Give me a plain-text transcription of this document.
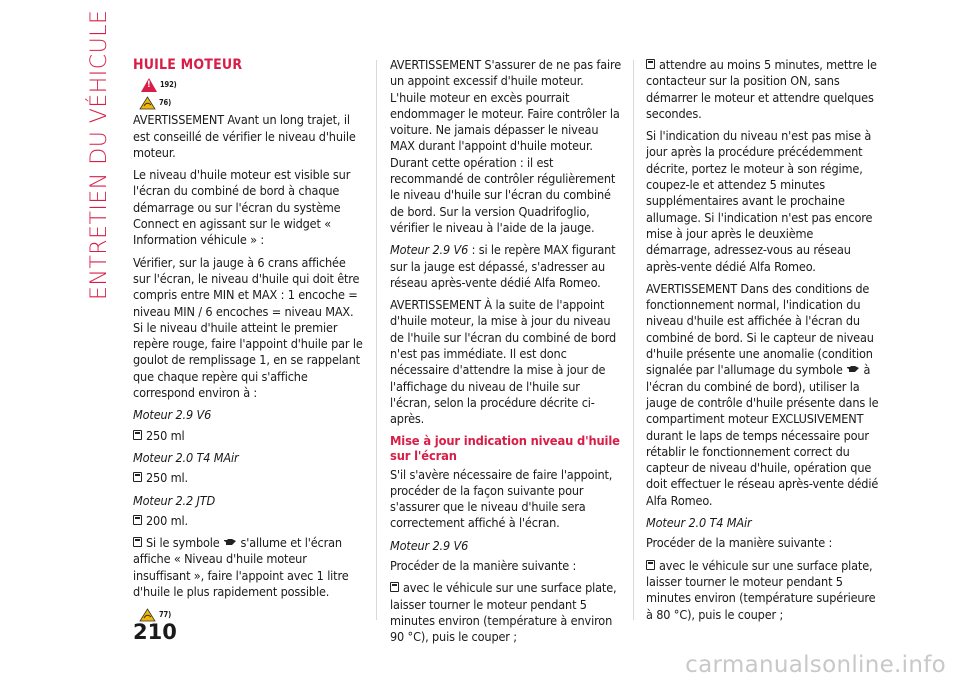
ENTRETIEN DU VÉHICULE HUILE MOTEUR
!
192)
76)

AVERTISSEMENT Avant un long trajet, il est conseillé de vérifier le niveau d'huile moteur.

Le niveau d'huile moteur est visible sur l'écran du combiné de bord à chaque démarrage ou sur l'écran du système Connect en agissant sur le widget « Information véhicule » :

Vérifier, sur la jauge à 6 crans affichée sur l'écran, le niveau d'huile qui doit être compris entre MIN et MAX : 1 encoche = niveau MIN / 6 encoches = niveau MAX. Si le niveau d'huile atteint le premier repère rouge, faire l'appoint d'huile par le goulot de remplissage 1, en se rappelant que chaque repère qui s'affiche correspond environ à :

Moteur 2.9 V6

250 ml

Moteur 2.0 T4 MAir

250 ml.

Moteur 2.2 JTD

200 ml.

Si le symbole  s'allume et l'écran affiche « Niveau d'huile moteur insuffisant », faire l'appoint avec 1 litre d'huile le plus rapidement possible.

77)

AVERTISSEMENT S'assurer de ne pas faire un appoint excessif d'huile moteur. L'huile moteur en excès pourrait endommager le moteur. Faire contrôler la voiture. Ne jamais dépasser le niveau MAX durant l'appoint d'huile moteur. Durant cette opération : il est recommandé de contrôler régulièrement le niveau d'huile sur l'écran du combiné de bord. Sur la version Quadrifoglio, vérifier le niveau à l'aide de la jauge.

Moteur 2.9 V6 : si le repère MAX figurant sur la jauge est dépassé, s'adresser au réseau après-vente dédié Alfa Romeo.

AVERTISSEMENT À la suite de l'appoint d'huile moteur, la mise à jour du niveau de l'huile sur l'écran du combiné de bord n'est pas immédiate. Il est donc nécessaire d'attendre la mise à jour de l'affichage du niveau de l'huile sur l'écran, selon la procédure décrite ci-après.

Mise à jour indication niveau d'huile sur l'écran

S'il s'avère nécessaire de faire l'appoint, procéder de la façon suivante pour s'assurer que le niveau d'huile sera correctement affiché à l'écran.

Moteur 2.9 V6

Procéder de la manière suivante :

avec le véhicule sur une surface plate, laisser tourner le moteur pendant 5 minutes environ (température à environ 90 °C), puis le couper ;

attendre au moins 5 minutes, mettre le contacteur sur la position ON, sans démarrer le moteur et attendre quelques secondes.

Si l'indication du niveau n'est pas mise à jour après la procédure précédemment décrite, portez le moteur à son régime, coupez-le et attendez 5 minutes supplémentaires avant le prochaine allumage. Si l'indication n'est pas encore mise à jour après le deuxième démarrage, adressez-vous au réseau après-vente dédié Alfa Romeo.

AVERTISSEMENT Dans des conditions de fonctionnement normal, l'indication du niveau d'huile est affichée à l'écran du combiné de bord. Si le capteur de niveau d'huile présente une anomalie (condition signalée par l'allumage du symbole  à l'écran du combiné de bord), utiliser la jauge de contrôle d'huile présente dans le compartiment moteur EXCLUSIVEMENT durant le laps de temps nécessaire pour rétablir le fonctionnement correct du capteur de niveau d'huile, opération que doit effectuer le réseau après-vente dédié Alfa Romeo.

Moteur 2.0 T4 MAir

Procéder de la manière suivante :

avec le véhicule sur une surface plate, laisser tourner le moteur pendant 5 minutes environ (température supérieure à 80 °C), puis le couper ;

210
carmanualsonline.info
